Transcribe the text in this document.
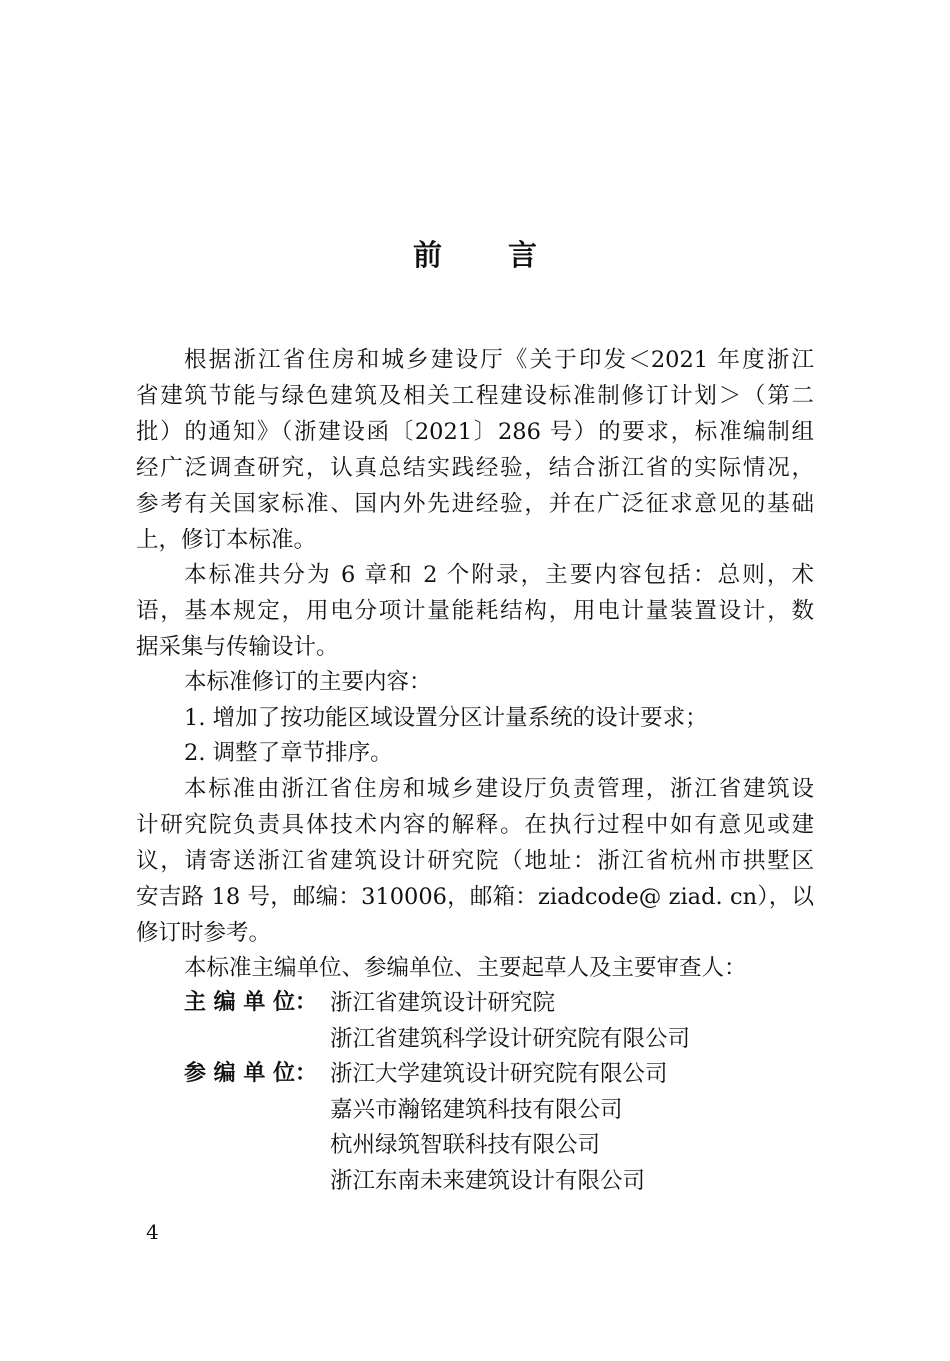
前 言
根据浙江省住房和城乡建设厅《关于印发＜2021 年度浙江
省建筑节能与绿色建筑及相关工程建设标准制修订计划＞（第二
批）的通知》（浙建设函〔2021〕286 号）的要求，标准编制组
经广泛调查研究，认真总结实践经验，结合浙江省的实际情况，
参考有关国家标准、国内外先进经验，并在广泛征求意见的基础
上，修订本标准。
本标准共分为 6 章和 2 个附录，主要内容包括：总则，术
语，基本规定，用电分项计量能耗结构，用电计量装置设计，数
据采集与传输设计。
本标准修订的主要内容：
1. 增加了按功能区域设置分区计量系统的设计要求；
2. 调整了章节排序。
本标准由浙江省住房和城乡建设厅负责管理，浙江省建筑设
计研究院负责具体技术内容的解释。在执行过程中如有意见或建
议，请寄送浙江省建筑设计研究院（地址：浙江省杭州市拱墅区
安吉路 18 号，邮编：310006，邮箱：ziadcode@ ziad. cn），以
修订时参考。
本标准主编单位、参编单位、主要起草人及主要审查人：
主 编 单 位： 浙江省建筑设计研究院
浙江省建筑科学设计研究院有限公司
参 编 单 位： 浙江大学建筑设计研究院有限公司
嘉兴市瀚铭建筑科技有限公司
杭州绿筑智联科技有限公司
浙江东南未来建筑设计有限公司
4
